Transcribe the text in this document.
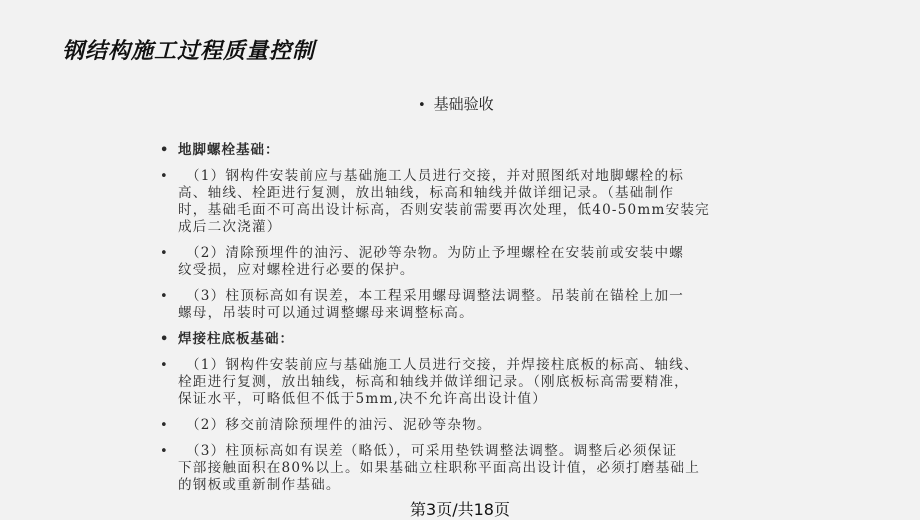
钢结构施工过程质量控制
• 基础验收
• 地脚螺栓基础：
•	　（1）钢构件安装前应与基础施工人员进行交接，并对照图纸对地脚螺栓的标
高、轴线、栓距进行复测，放出轴线，标高和轴线并做详细记录。（基础制作
时，基础毛面不可高出设计标高，否则安装前需要再次处理，低40-50mm安装完
成后二次浇灌）
•	　（2）清除预埋件的油污、泥砂等杂物。为防止予埋螺栓在安装前或安装中螺
纹受损，应对螺栓进行必要的保护。
•	　（3）柱顶标高如有误差，本工程采用螺母调整法调整。吊装前在锚栓上加一
螺母，吊装时可以通过调整螺母来调整标高。
• 焊接柱底板基础：
•	　（1）钢构件安装前应与基础施工人员进行交接，并焊接柱底板的标高、轴线、
栓距进行复测，放出轴线，标高和轴线并做详细记录。（刚底板标高需要精准，
保证水平，可略低但不低于5mm,决不允许高出设计值）
• 　（2）移交前清除预埋件的油污、泥砂等杂物。
•	　（3）柱顶标高如有误差（略低），可采用垫铁调整法调整。调整后必须保证
下部接触面积在80%以上。如果基础立柱职称平面高出设计值，必须打磨基础上
的钢板或重新制作基础。
第3页/共18页
